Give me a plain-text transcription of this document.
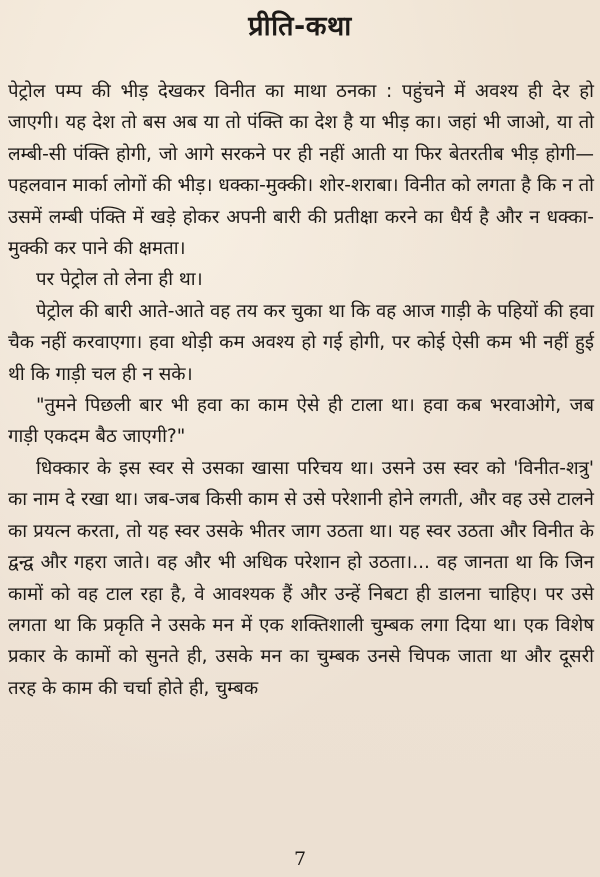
प्रीति-कथा

पेट्रोल पम्प की भीड़ देखकर विनीत का माथा ठनका : पहुंचने में अवश्य ही देर हो जाएगी। यह देश तो बस अब या तो पंक्ति का देश है या भीड़ का। जहां भी जाओ, या तो लम्बी-सी पंक्ति होगी, जो आगे सरकने पर ही नहीं आती या फिर बेतरतीब भीड़ होगी— पहलवान मार्का लोगों की भीड़। धक्का-मुक्की। शोर-शराबा। विनीत को लगता है कि न तो उसमें लम्बी पंक्ति में खड़े होकर अपनी बारी की प्रतीक्षा करने का धैर्य है और न धक्का-मुक्की कर पाने की क्षमता।

पर पेट्रोल तो लेना ही था।

पेट्रोल की बारी आते-आते वह तय कर चुका था कि वह आज गाड़ी के पहियों की हवा चैक नहीं करवाएगा। हवा थोड़ी कम अवश्य हो गई होगी, पर कोई ऐसी कम भी नहीं हुई थी कि गाड़ी चल ही न सके।

"तुमने पिछली बार भी हवा का काम ऐसे ही टाला था। हवा कब भरवाओगे, जब गाड़ी एकदम बैठ जाएगी?"

धिक्कार के इस स्वर से उसका खासा परिचय था। उसने उस स्वर को 'विनीत-शत्रु' का नाम दे रखा था। जब-जब किसी काम से उसे परेशानी होने लगती, और वह उसे टालने का प्रयत्न करता, तो यह स्वर उसके भीतर जाग उठता था। यह स्वर उठता और विनीत के द्वन्द्व और गहरा जाते। वह और भी अधिक परेशान हो उठता।... वह जानता था कि जिन कामों को वह टाल रहा है, वे आवश्यक हैं और उन्हें निबटा ही डालना चाहिए। पर उसे लगता था कि प्रकृति ने उसके मन में एक शक्तिशाली चुम्बक लगा दिया था। एक विशेष प्रकार के कामों को सुनते ही, उसके मन का चुम्बक उनसे चिपक जाता था और दूसरी तरह के काम की चर्चा होते ही, चुम्बक

7
